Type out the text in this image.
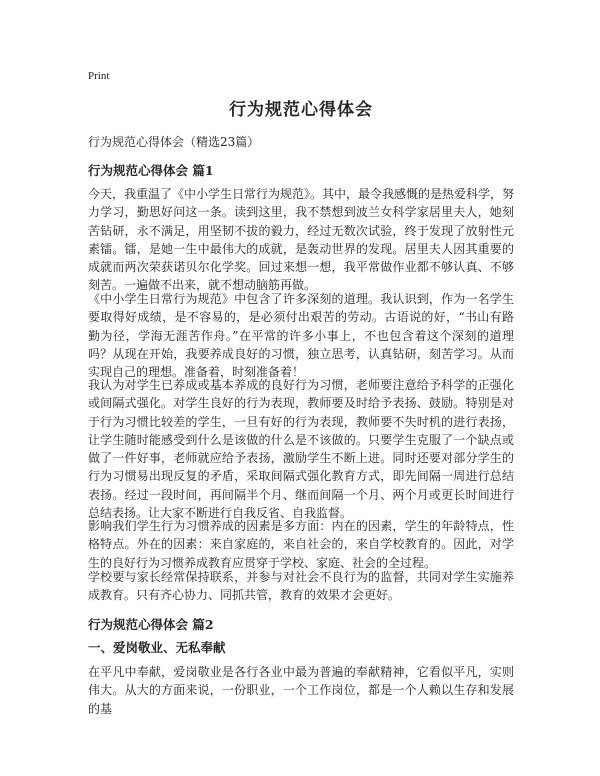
Print
行为规范心得体会
行为规范心得体会（精选23篇）
行为规范心得体会 篇1

今天，我重温了《中小学生日常行为规范》。其中，最令我感慨的是热爱科学，努力学习，勤思好问这一条。读到这里，我不禁想到波兰女科学家居里夫人，她刻苦钻研，永不满足，用坚韧不拔的毅力，经过无数次试验，终于发现了放射性元素镭。镭，是她一生中最伟大的成就，是轰动世界的发现。居里夫人因其重要的成就而两次荣获诺贝尔化学奖。回过来想一想，我平常做作业都不够认真、不够刻苦。一遍做不出来，就不想动脑筋再做。

《中小学生日常行为规范》中包含了许多深刻的道理。我认识到，作为一名学生要取得好成绩，是不容易的，是必须付出艰苦的劳动。古语说的好，“书山有路勤为径，学海无涯苦作舟。”在平常的许多小事上，不也包含着这个深刻的道理吗？从现在开始，我要养成良好的习惯，独立思考，认真钻研，刻苦学习。从而实现自己的理想。准备着，时刻准备着！

我认为对学生已养成或基本养成的良好行为习惯，老师要注意给予科学的正强化或间隔式强化。对学生良好的行为表现，教师要及时给予表扬、鼓励。特别是对于行为习惯比较差的学生，一旦有好的行为表现，教师要不失时机的进行表扬，让学生随时能感受到什么是该做的什么是不该做的。只要学生克服了一个缺点或做了一件好事，老师就应给予表扬，激励学生不断上进。同时还要对部分学生的行为习惯易出现反复的矛盾，采取间隔式强化教育方式，即先间隔一周进行总结表扬。经过一段时间，再间隔半个月、继而间隔一个月、两个月或更长时间进行总结表扬。让大家不断进行自我反省、自我监督。

影响我们学生行为习惯养成的因素是多方面：内在的因素，学生的年龄特点，性格特点。外在的因素：来自家庭的，来自社会的，来自学校教育的。因此，对学生的良好行为习惯养成教育应贯穿于学校、家庭、社会的全过程。

学校要与家长经常保持联系，并参与对社会不良行为的监督，共同对学生实施养成教育。只有齐心协力、同抓共管，教育的效果才会更好。

行为规范心得体会 篇2
一、爱岗敬业、无私奉献

在平凡中奉献，爱岗敬业是各行各业中最为普遍的奉献精神，它看似平凡，实则伟大。从大的方面来说，一份职业，一个工作岗位，都是一个人赖以生存和发展的基
